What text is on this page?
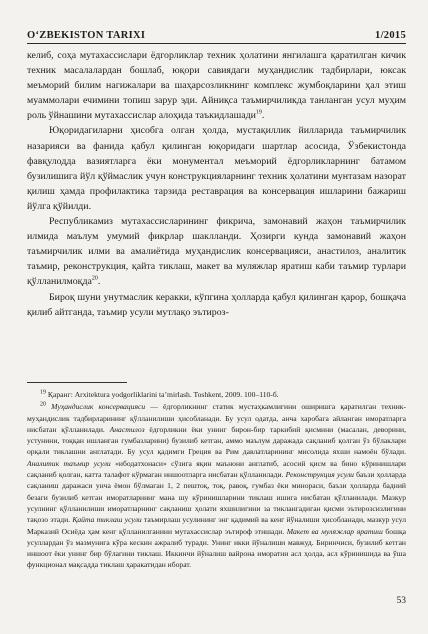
O‘ZBEKISTON TARIXI	1/2015

келиб, соҳа мутахассислари ёдгорликлар техник ҳолатини янгилашга қаратилган кичик техник масалалардан бошлаб, юқори савиядаги муҳандислик тадбирлари, юксак меъморий билим нагижалари ва шаҳарсозликнинг комплекс жумбоқларини ҳал этиш муаммолари ечимини топиш зарур эди. Айниқса таъмирчиликда танланган усул муҳим роль ўйнашини мутахассислар алоҳида таъкидлашади$^{19}$.

Юқоридагиларни ҳисобга олган ҳолда, мустақиллик йилларида таъмирчилик назарияси ва фанида қабул қилинган юқоридаги шартлар асосида, Ўзбекистонда фавқулодда вазиятларга ёки монументал меъморий ёдгорликларнинг батамом бузилишига йўл қўймаслик учун конструкцияларнинг техник ҳолатини мунтазам назорат қилиш ҳамда профилактика тарзида реставрация ва консервация ишларини бажариш йўлга қўйилди.

Республикамиз мутахассисларининг фикрича, замонавий жаҳон таъмирчилик илмида маълум умумий фикрлар шаклланди. Ҳозирги кунда замонавий жаҳон таъмирчилик илми ва амалиётида муҳандислик консервацияси, анастилоз, аналитик таъмир, реконструкция, қайта тиклаш, макет ва муляжлар яратиш каби таъмир турлари қўлланилмоқда$^{20}$.

Бироқ шуни унутмаслик керакки, кўпгина ҳолларда қабул қилинган қарор, бошқача қилиб айтганда, таъмир усули мутлақо эътироз-

$^{19}$ Қаранг: Arxitektura yodgorliklarini ta’mirlash. Toshkent, 2009. 100–110-б.

$^{20}$ Муҳандислик консервацияси — ёдгорликнинг статик мустаҳкамлигини оширишга қаратилган техник-муҳандислик тадбирларининг қўлланилиши ҳисобланади. Бу усул одатда, анча харобага айланган иморатларга нисбатан қўлланилади. Анастилоз ёдгорликни ёки унинг бирон-бир таркибий қисмини (масалан, деворини, устунини, тоққан ишланган гумбазларини) бузилиб кетган, аммо маълум даражада сақланиб қолган ўз бўлаклари орқали тиклашни англатади. Бу усул қадимги Греция ва Рим давлатларининг мисолида яхши намоён бўлади. Аналитик таъмир усули «ибодатхонаси» сўзига яқин маънони англатиб, асосий қисм ва бино кўринишлари сақланиб қолган, катта талафот кўрмаган иншоотларга нисбатан қўлланилади. Реконструкция усули баъзи ҳолларда сақланиш даражаси унча ёмон бўлмаган 1, 2 пештоқ, тоқ, равоқ, гумбаз ёки минораси, баъзи ҳолларда бадний безаги бузилиб кетган иморатларнинг мана шу кўринишларини тиклаш ишига нисбатан қўлланилади. Мазкур усулнинг қўлланилиши иморатларнинг сақланиш ҳолати яхшилигини за тиклангадиган қисми эътирозсизлигини тақозо этади. Қайта тиклаш усули таъмирлаш усулининг энг қадимий ва кенг йўналиши ҳисобланади, мазкур усул Марказий Осиёда ҳам кенг қўлланилганини мутахассислар эътироф этишади. Макет ва муляжлар яратиш бошқа усуллардан ўз мазмунига кўра кескин ажралиб туради. Унинг икки йўналиши мавжуд. Биринчиси, бузилиб кетган иншоот ёки унинг бир бўлагини тиклаш. Иккинчи йўналиш вайрона иморатни асл ҳолда, асл кўринишида ва ўша функционал мақсадда тиклаш ҳаракатидан иборат.

53
